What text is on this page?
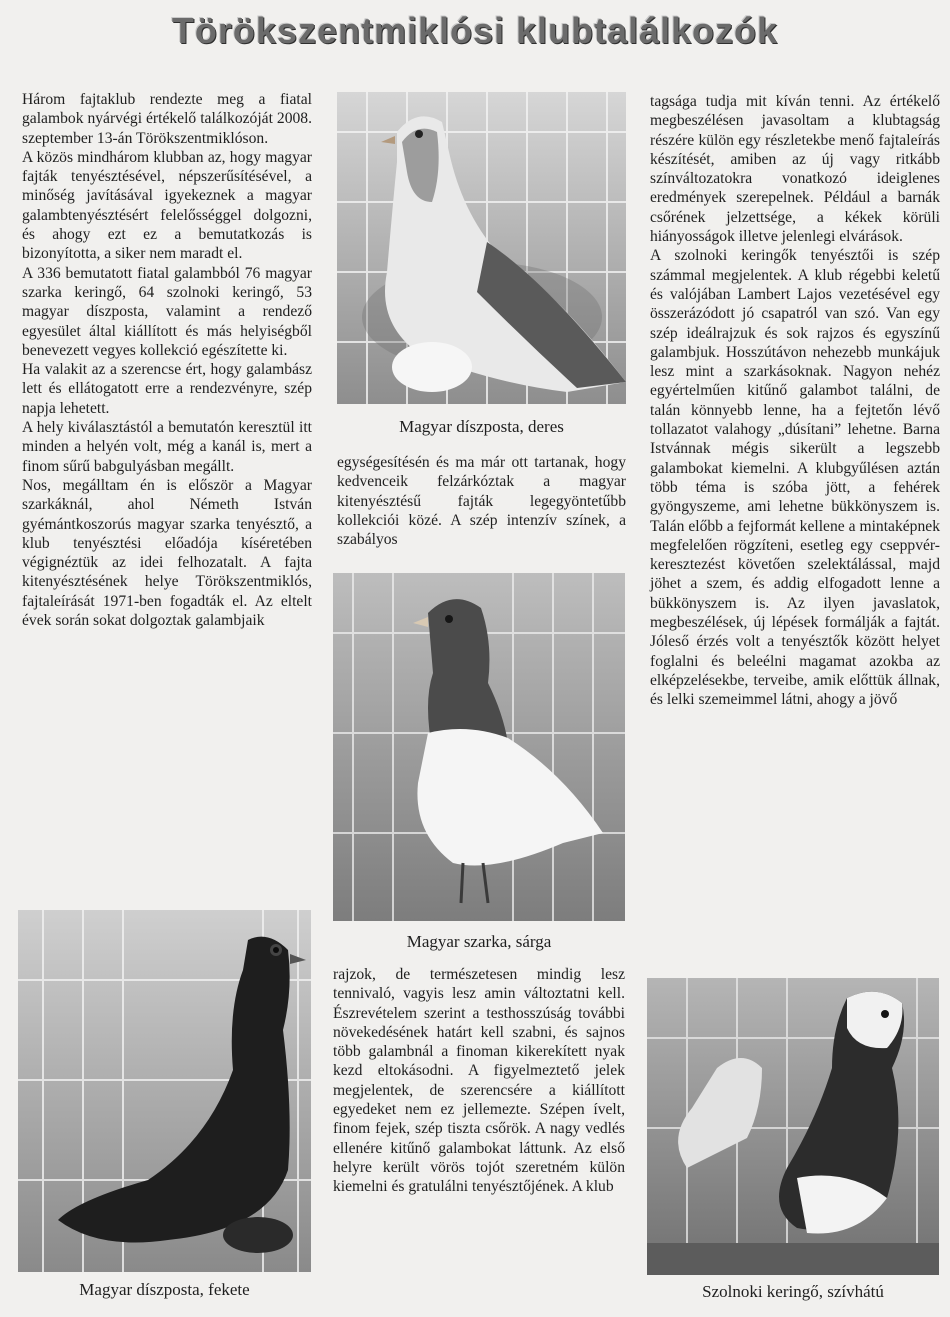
Törökszentmiklósi klubtalálkozók

Három fajtaklub rendezte meg a fiatal galambok nyárvégi értékelő találkozóját 2008. szeptember 13-án Törökszentmiklóson.

A közös mindhárom klubban az, hogy magyar fajták tenyésztésével, népszerűsítésével, a minőség javításával igyekeznek a magyar galambtenyésztésért felelősséggel dolgozni, és ahogy ezt ez a bemutatkozás is bizonyította, a siker nem maradt el.

A 336 bemutatott fiatal galambból 76 magyar szarka keringő, 64 szolnoki keringő, 53 magyar díszposta, valamint a rendező egyesület által kiállított és más helyiségből benevezett vegyes kollekció egészítette ki.

Ha valakit az a szerencse ért, hogy galambász lett és ellátogatott erre a rendezvényre, szép napja lehetett.

A hely kiválasztástól a bemutatón keresztül itt minden a helyén volt, még a kanál is, mert a finom sűrű babgulyásban megállt.

Nos, megálltam én is először a Magyar szarkáknál, ahol Németh István gyémántkoszorús magyar szarka tenyésztő, a klub tenyésztési előadója kíséretében végignéztük az idei felhozatalt. A fajta kitenyésztésének helye Törökszentmiklós, fajtaleírását 1971-ben fogadták el. Az eltelt évek során sokat dolgoztak galambjaik

Magyar díszposta, deres

egységesítésén és ma már ott tartanak, hogy kedvenceik felzárkóztak a magyar kitenyésztésű fajták legegyöntetűbb kollekciói közé. A szép intenzív színek, a szabályos

Magyar szarka, sárga

rajzok, de természetesen mindig lesz tennivaló, vagyis lesz amin változtatni kell. Észrevételem szerint a testhosszúság további növekedésének határt kell szabni, és sajnos több galambnál a finoman kikerekített nyak kezd eltokásodni. A figyelmeztető jelek megjelentek, de szerencsére a kiállított egyedeket nem ez jellemezte. Szépen ívelt, finom fejek, szép tiszta csőrök. A nagy vedlés ellenére kitűnő galambokat láttunk. Az első helyre került vörös tojót szeretném külön kiemelni és gratulálni tenyésztőjének. A klub

Magyar díszposta, fekete

tagsága tudja mit kíván tenni. Az értékelő megbeszélésen javasoltam a klubtagság részére külön egy részletekbe menő fajtaleírás készítését, amiben az új vagy ritkább színváltozatokra vonatkozó ideiglenes eredmények szerepelnek. Például a barnák csőrének jelzettsége, a kékek körüli hiányosságok illetve jelenlegi elvárások.

A szolnoki keringők tenyésztői is szép számmal megjelentek. A klub régebbi keletű és valójában Lambert Lajos vezetésével egy összerázódott jó csapatról van szó. Van egy szép ideálrajzuk és sok rajzos és egyszínű galambjuk. Hosszútávon nehezebb munkájuk lesz mint a szarkásoknak. Nagyon nehéz egyértelműen kitűnő galambot találni, de talán könnyebb lenne, ha a fejtetőn lévő tollazatot valahogy „dúsítani” lehetne. Barna Istvánnak mégis sikerült a legszebb galambokat kiemelni. A klubgyűlésen aztán több téma is szóba jött, a fehérek gyöngyszeme, ami lehetne bükkönyszem is. Talán előbb a fejformát kellene a mintaképnek megfelelően rögzíteni, esetleg egy cseppvér-keresztezést követően szelektálással, majd jöhet a szem, és addig elfogadott lenne a bükkönyszem is. Az ilyen javaslatok, megbeszélések, új lépések formálják a fajtát. Jóleső érzés volt a tenyésztők között helyet foglalni és beleélni magamat azokba az elképzelésekbe, terveibe, amik előttük állnak, és lelki szemeimmel látni, ahogy a jövő

Szolnoki keringő, szívhátú
